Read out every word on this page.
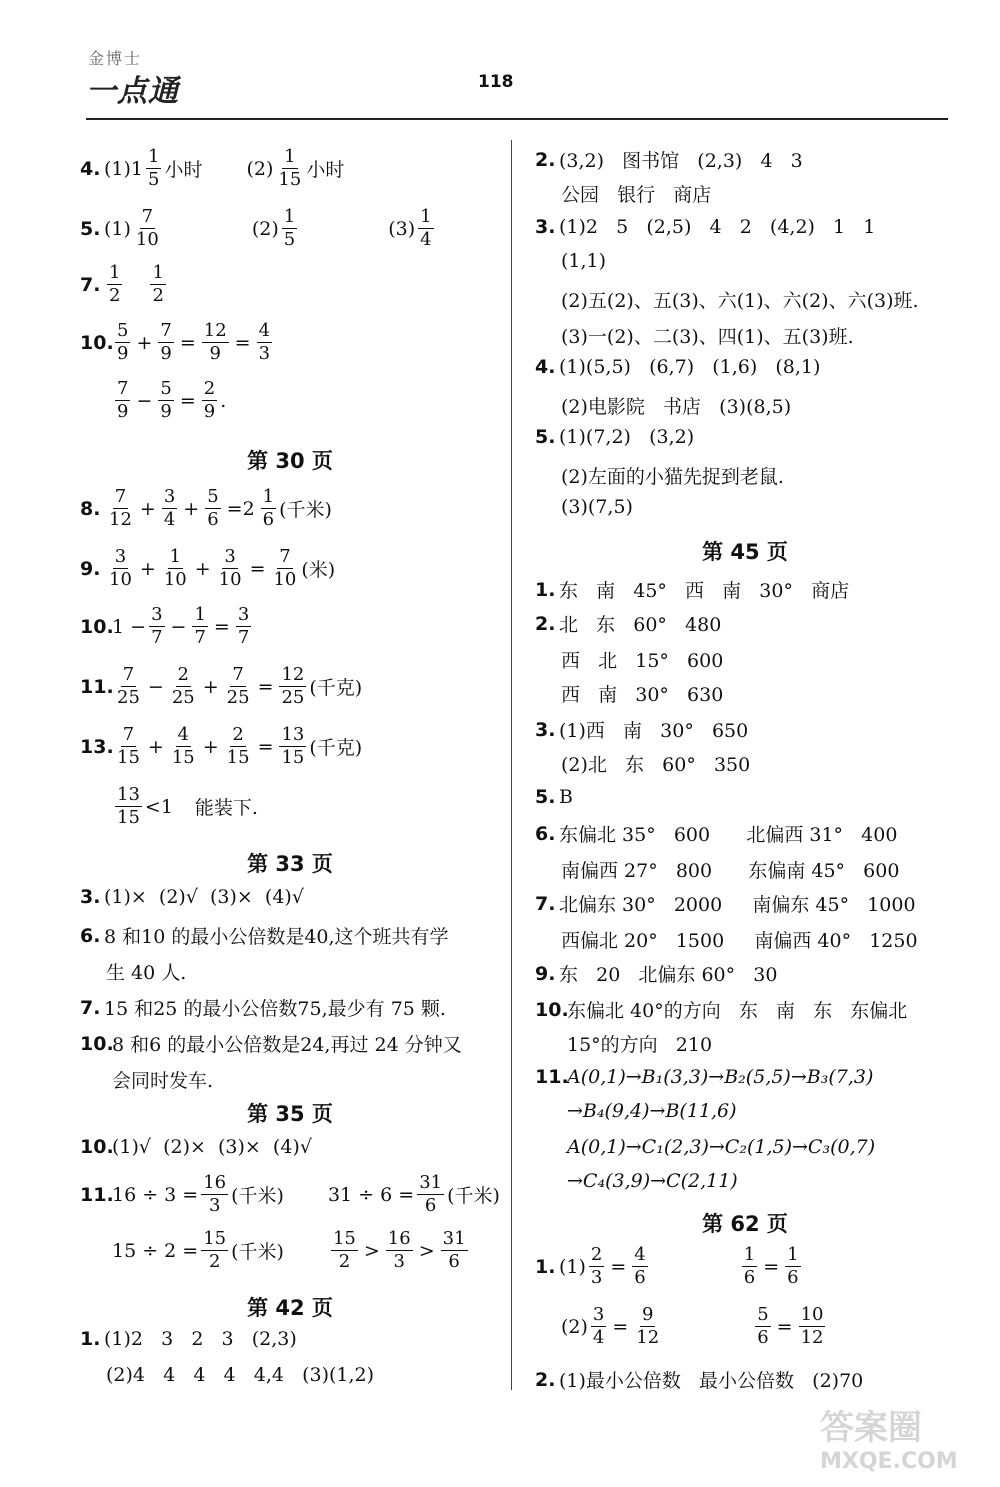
金博士
一点通	118
4. $(1)1 \frac{1}{5}$ 小时 $(2) \frac{1}{15}$ 小时
5. $(1) \frac{7}{10}$	$(2) \frac{1}{5}$	$(3) \frac{1}{4}$
7. $\frac{1}{2} \frac{1}{2}$
10. $\frac{5}{9} + \frac{7}{9} = \frac{12}{9} = \frac{4}{3}$
$\frac{7}{9} - \frac{5}{9} = \frac{2}{9}$ .
第 30 页
8. $\frac{7}{12} + \frac{3}{4} + \frac{5}{6} =2 \frac{1}{6}$ (千米)
9. $\frac{3}{10} + \frac{1}{10} + \frac{3}{10} = \frac{7}{10}$ (米)
10.
$1 - \frac{3}{7} - \frac{1}{7} = \frac{3}{7}$
11. $\frac{7}{25} - \frac{2}{25} + \frac{7}{25} = \frac{12}{25}$ (千克)
13. $\frac{7}{15} + \frac{4}{15} + \frac{2}{15} = \frac{13}{15}$ (千克)
$\frac{13}{15} <1$ 能装下.
第 33 页
3. (1)×  (2)√  (3)×  (4)√
6. 8 和10 的最小公倍数是40,这个班共有学
生 40 人.
7. 15 和25 的最小公倍数75,最少有 75 颗.
10.
8 和6 的最小公倍数是24,再过 24 分钟又
会同时发车.
第 35 页
10.
(1)√  (2)×  (3)×  (4)√
11.
$16 \div 3 = \frac{16}{3}$ (千米) $31 \div 6 = \frac{31}{6}$ (千米)
$15 \div 2 = \frac{15}{2}$ (千米)	$\frac{15}{2} > \frac{16}{3} > \frac{31}{6}$
第 42 页
1. (1)2   3   2   3   (2,3)
(2)4   4   4   4   4,4   (3)(1,2)
2. (3,2)   图书馆   (2,3)   4   3
公园   银行   商店
3. (1)2   5   (2,5)   4   2   (4,2)   1   1
(1,1)
(2)五(2)、五(3)、六(1)、六(2)、六(3)班.
(3)一(2)、二(3)、四(1)、五(3)班.
4. (1)(5,5)   (6,7)   (1,6)   (8,1)
(2)电影院   书店   (3)(8,5)
5. (1)(7,2)   (3,2)
(2)左面的小猫先捉到老鼠.
(3)(7,5)
第 45 页
1. 东   南   45°   西   南   30°   商店
2. 北   东   60°   480
西   北   15°   600
西   南   30°   630
3. (1)西   南   30°   650
(2)北   东   60°   350
5. B
6. 东偏北 35°   600      北偏西 31°   400
南偏西 27°   800      东偏南 45°   600
7. 北偏东 30°   2000     南偏东 45°   1000
西偏北 20°   1500     南偏西 40°   1250
9. 东   20   北偏东 60°   30
10.
东偏北 40°的方向   东   南   东   东偏北
15°的方向   210
11.
A(0,1)→B₁(3,3)→B₂(5,5)→B₃(7,3)
→B₄(9,4)→B(11,6)
A(0,1)→C₁(2,3)→C₂(1,5)→C₃(0,7)
→C₄(3,9)→C(2,11)
第 62 页
1. $(1) \frac{2}{3} = \frac{4}{6}$	$\frac{1}{6} = \frac{1}{6}$
$(2) \frac{3}{4} = \frac{9}{12}$	$\frac{5}{6} = \frac{10}{12}$
2. (1)最小公倍数   最小公倍数   (2)70
答案圈
MXQE.COM
